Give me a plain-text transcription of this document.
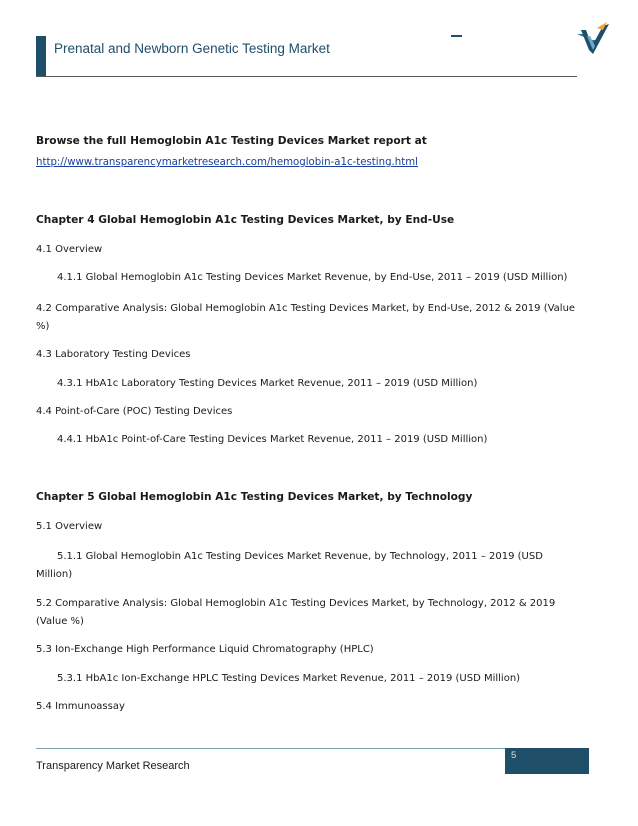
Prenatal and Newborn Genetic Testing Market
Browse the full Hemoglobin A1c Testing Devices Market report at
http://www.transparencymarketresearch.com/hemoglobin-a1c-testing.html
Chapter 4 Global Hemoglobin A1c Testing Devices Market, by End-Use
4.1 Overview
4.1.1 Global Hemoglobin A1c Testing Devices Market Revenue, by End-Use, 2011 – 2019 (USD Million)
4.2 Comparative Analysis: Global Hemoglobin A1c Testing Devices Market, by End-Use, 2012 & 2019 (Value
%)
4.3 Laboratory Testing Devices
4.3.1 HbA1c Laboratory Testing Devices Market Revenue, 2011 – 2019 (USD Million)
4.4 Point-of-Care (POC) Testing Devices
4.4.1 HbA1c Point-of-Care Testing Devices Market Revenue, 2011 – 2019 (USD Million)
Chapter 5 Global Hemoglobin A1c Testing Devices Market, by Technology
5.1 Overview
5.1.1 Global Hemoglobin A1c Testing Devices Market Revenue, by Technology, 2011 – 2019 (USD
Million)
5.2 Comparative Analysis: Global Hemoglobin A1c Testing Devices Market, by Technology, 2012 & 2019
(Value %)
5.3 Ion-Exchange High Performance Liquid Chromatography (HPLC)
5.3.1 HbA1c Ion-Exchange HPLC Testing Devices Market Revenue, 2011 – 2019 (USD Million)
5.4 Immunoassay
5
Transparency Market Research
